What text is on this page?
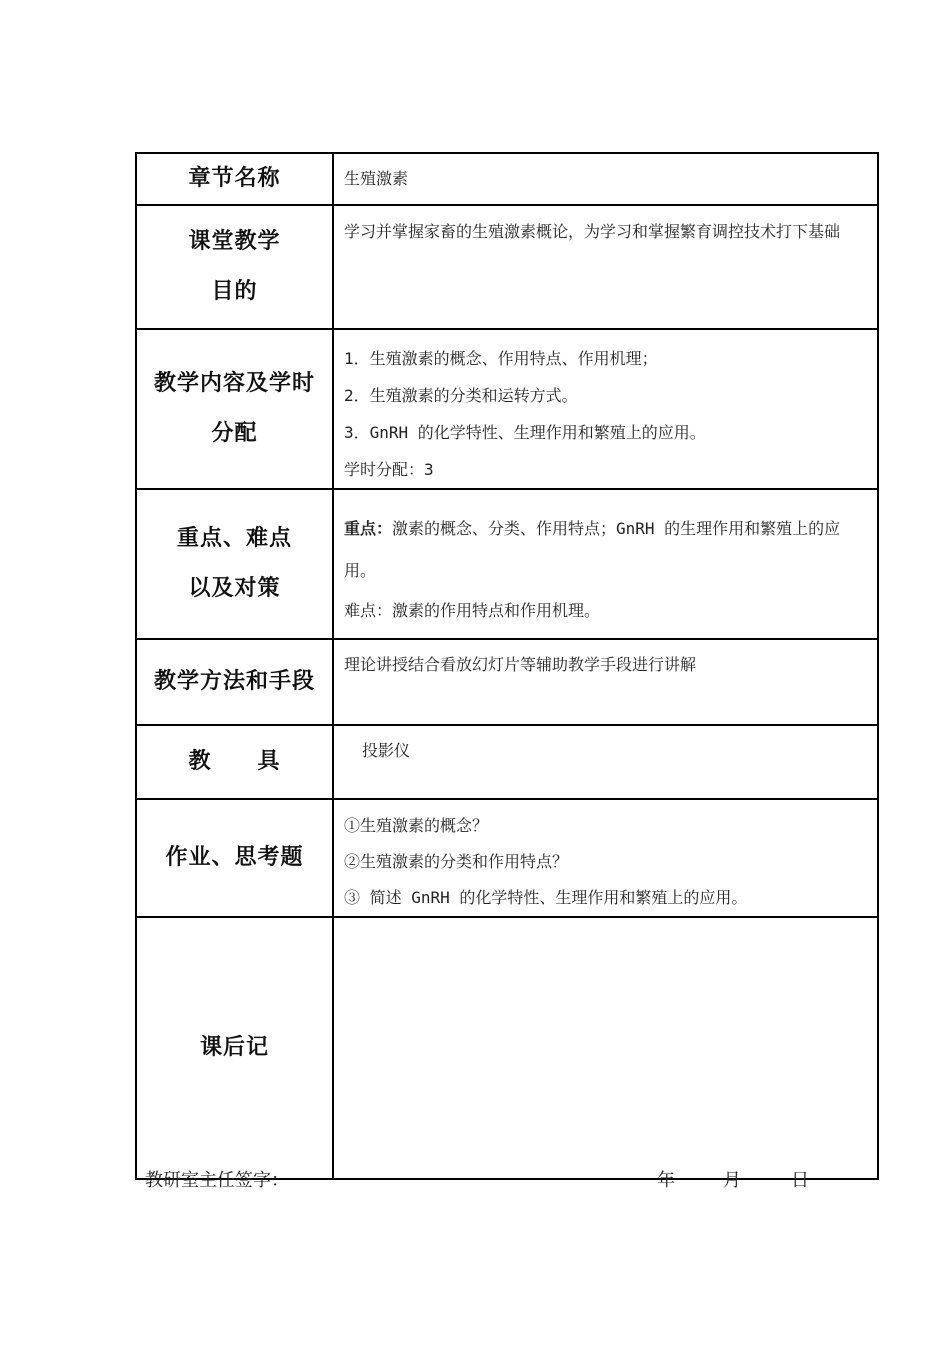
章节名称	生殖激素

课堂教学
目的	学习并掌握家畜的生殖激素概论，为学习和掌握繁育调控技术打下基础

教学内容及学时
分配	1．生殖激素的概念、作用特点、作用机理；
2．生殖激素的分类和运转方式。
3．GnRH 的化学特性、生理作用和繁殖上的应用。
学时分配：3

重点、难点
以及对策	重点：激素的概念、分类、作用特点；GnRH 的生理作用和繁殖上的应用。
难点：激素的作用特点和作用机理。

教学方法和手段	理论讲授结合看放幻灯片等辅助教学手段进行讲解

教　　具	投影仪

作业、思考题	①生殖激素的概念？
②生殖激素的分类和作用特点？
③ 简述 GnRH 的化学特性、生理作用和繁殖上的应用。

课后记	
教研室主任签字：	年	月	日
